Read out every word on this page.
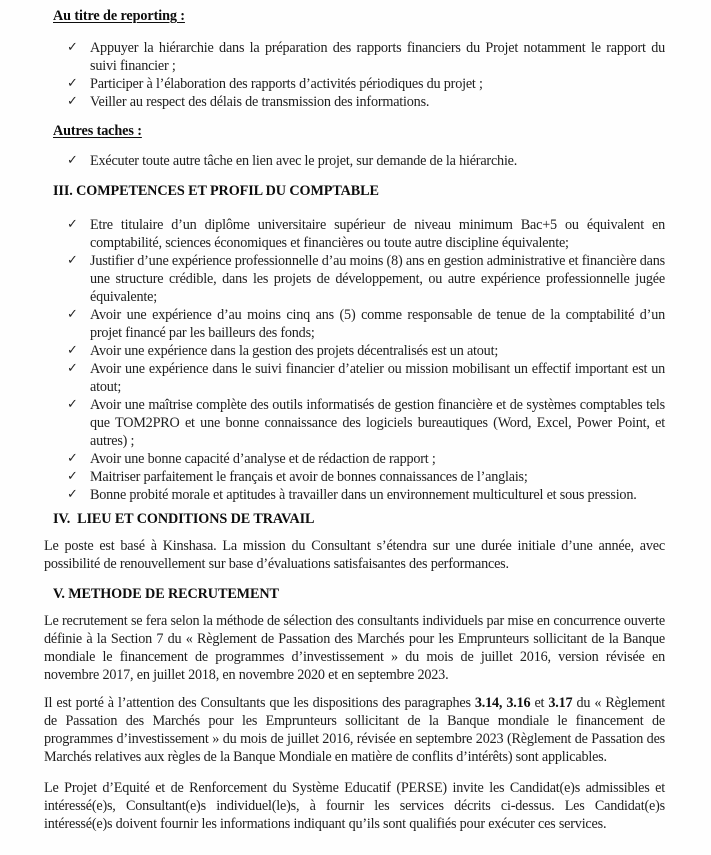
Au titre de reporting :
✓ Appuyer la hiérarchie dans la préparation des rapports financiers du Projet notamment le rapport du suivi financier ;
✓ Participer à l’élaboration des rapports d’activités périodiques du projet ;
✓ Veiller au respect des délais de transmission des informations.
Autres taches :
✓ Exécuter toute autre tâche en lien avec le projet, sur demande de la hiérarchie.
III. COMPETENCES ET PROFIL DU COMPTABLE
✓ Etre titulaire d’un diplôme universitaire supérieur de niveau minimum Bac+5 ou équivalent en comptabilité, sciences économiques et financières ou toute autre discipline équivalente;
✓ Justifier d’une expérience professionnelle d’au moins (8) ans en gestion administrative et financière dans une structure crédible, dans les projets de développement, ou autre expérience professionnelle jugée équivalente;
✓ Avoir une expérience d’au moins cinq ans (5) comme responsable de tenue de la comptabilité d’un projet financé par les bailleurs des fonds;
✓ Avoir une expérience dans la gestion des projets décentralisés est un atout;
✓ Avoir une expérience dans le suivi financier d’atelier ou mission mobilisant un effectif important est un atout;
✓ Avoir une maîtrise complète des outils informatisés de gestion financière et de systèmes comptables tels que TOM2PRO et une bonne connaissance des logiciels bureautiques (Word, Excel, Power Point, et autres) ;
✓ Avoir une bonne capacité d’analyse et de rédaction de rapport ;
✓ Maitriser parfaitement le français et avoir de bonnes connaissances de l’anglais;
✓ Bonne probité morale et aptitudes à travailler dans un environnement multiculturel et sous pression.
IV.  LIEU ET CONDITIONS DE TRAVAIL

Le poste est basé à Kinshasa. La mission du Consultant s’étendra sur une durée initiale d’une année, avec possibilité de renouvellement sur base d’évaluations satisfaisantes des performances.

V. METHODE DE RECRUTEMENT

Le recrutement se fera selon la méthode de sélection des consultants individuels par mise en concurrence ouverte définie à la Section 7 du « Règlement de Passation des Marchés pour les Emprunteurs sollicitant de la Banque mondiale le financement de programmes d’investissement » du mois de juillet 2016, version révisée en novembre 2017, en juillet 2018, en novembre 2020 et en septembre 2023.

Il est porté à l’attention des Consultants que les dispositions des paragraphes 3.14, 3.16 et 3.17 du « Règlement de Passation des Marchés pour les Emprunteurs sollicitant de la Banque mondiale le financement de programmes d’investissement » du mois de juillet 2016, révisée en septembre 2023 (Règlement de Passation des Marchés relatives aux règles de la Banque Mondiale en matière de conflits d’intérêts) sont applicables.

Le Projet d’Equité et de Renforcement du Système Educatif (PERSE) invite les Candidat(e)s admissibles et intéressé(e)s, Consultant(e)s individuel(le)s, à fournir les services décrits ci-dessus. Les Candidat(e)s intéressé(e)s doivent fournir les informations indiquant qu’ils sont qualifiés pour exécuter ces services.
